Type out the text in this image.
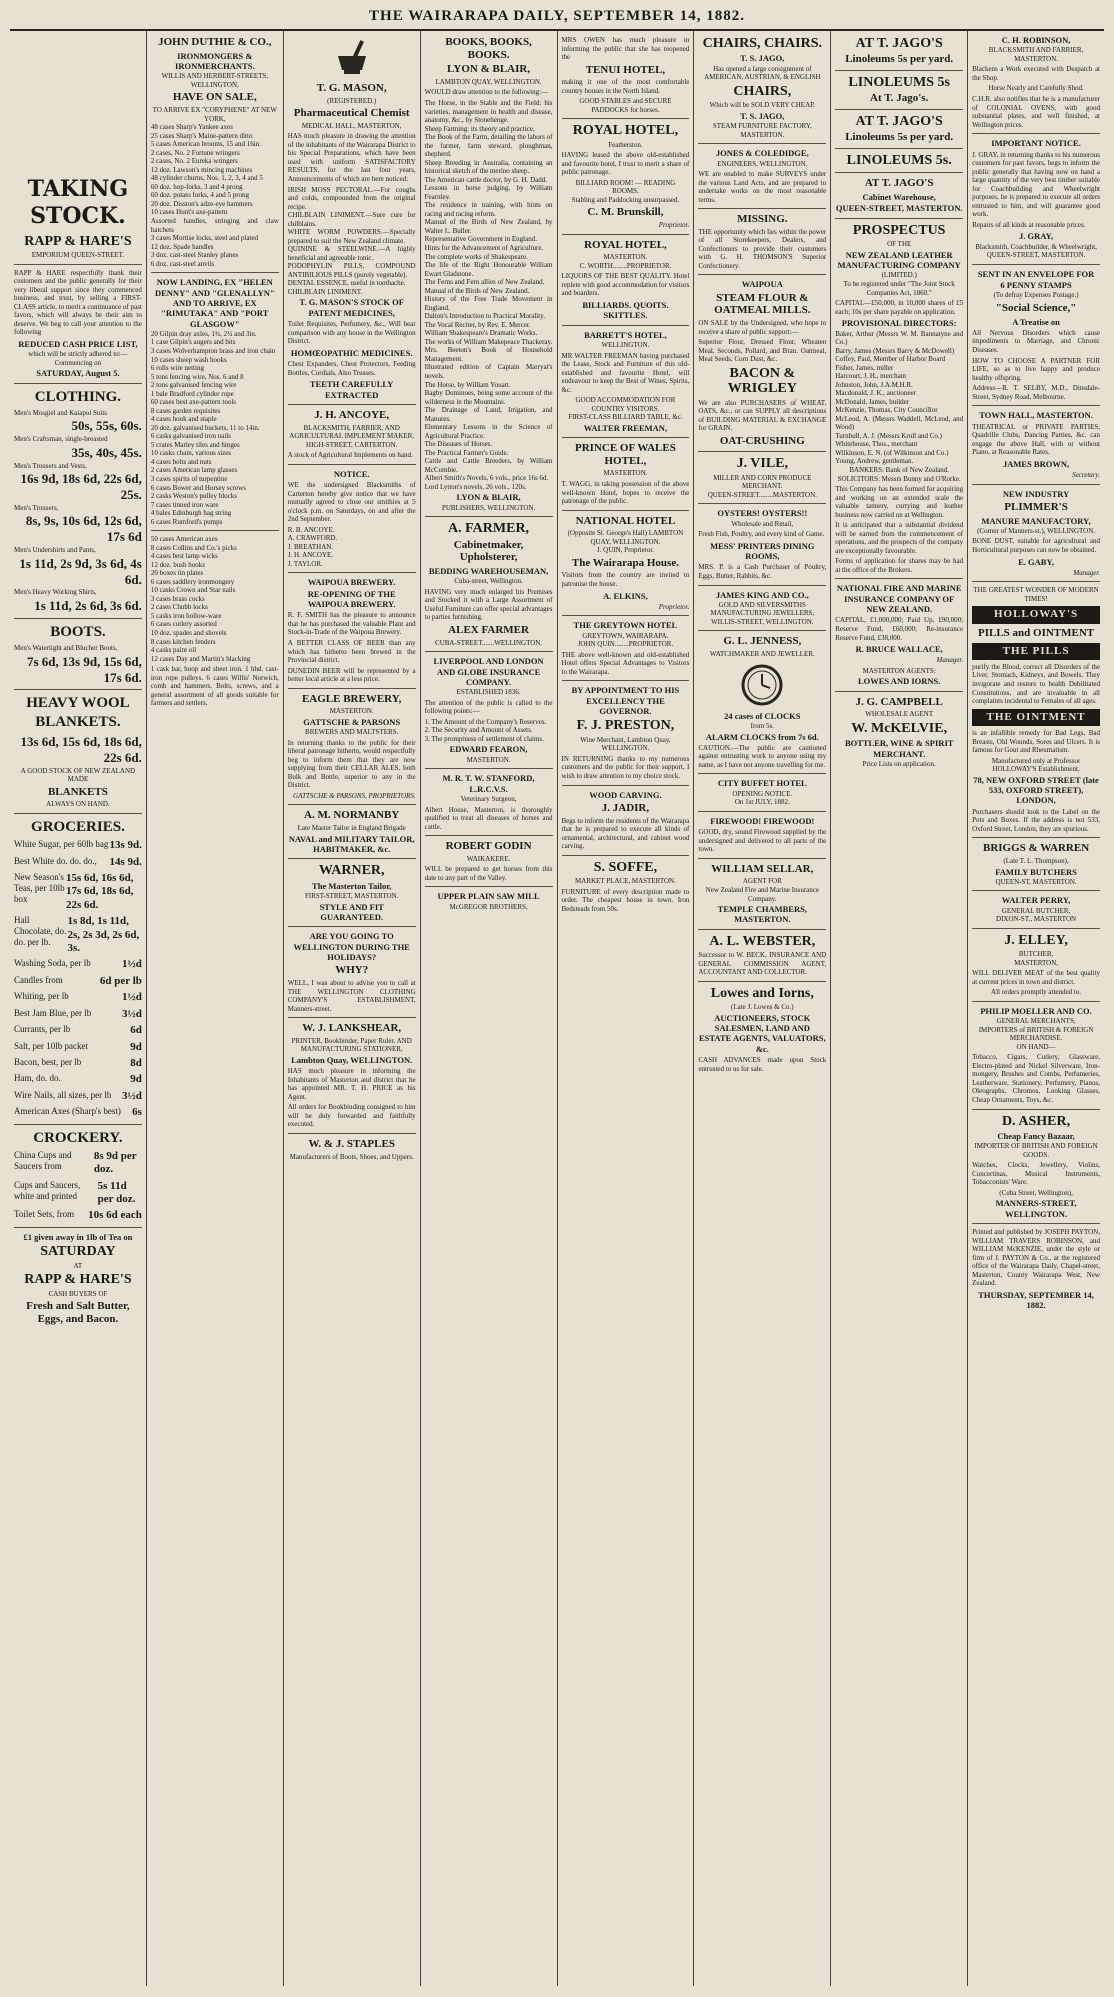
THE WAIRARAPA DAILY, SEPTEMBER 14, 1882.
TAKING STOCK.
RAPP & HARE'S
EMPORIUM QUEEN-STREET.

RAPP & HARE respectfully thank their customers and the public generally for their very liberal support since they commenced business, and trust, by selling a FIRST-CLASS article, to merit a continuance of past favors, which will always be their aim to deserve. We beg to call your attention to the following

REDUCED CASH PRICE LIST,
which will be strictly adhered to:—
Commencing on
SATURDAY, August 5.
CLOTHING.
Men's Mosgiel and Kaiapoi Suits
50s, 55s, 60s.
Men's Craftsman, single-breasted
35s, 40s, 45s.
Men's Trousers and Vests,
16s 9d, 18s 6d, 22s 6d, 25s.
Men's Trousers,
8s, 9s, 10s 6d, 12s 6d, 17s 6d
Men's Undershirts and Pants,
1s 11d, 2s 9d, 3s 6d, 4s 6d.
Men's Heavy Working Shirts,
1s 11d, 2s 6d, 3s 6d.
BOOTS.
Men's Watertight and Blucher Boots,
7s 6d, 13s 9d, 15s 6d, 17s 6d.
HEAVY WOOL BLANKETS.
13s 6d, 15s 6d, 18s 6d, 22s 6d.
A GOOD STOCK OF NEW ZEALAND MADE
BLANKETS
ALWAYS ON HAND.
GROCERIES.
White Sugar, per 60lb bag 13s 9d.
Best White do. do. do., 14s 9d.
New Season's Teas, per 10lb box
15s 6d, 16s 6d, 17s 6d, 18s 6d, 22s 6d.
Hall Chocolate, do. do. per lb.
1s 8d, 1s 11d, 2s, 2s 3d, 2s 6d, 3s.
Washing Soda, per lb	1½d
Candles from	6d per lb
Whiting, per lb	1½d
Best Jam Blue, per lb	3½d
Currants, per lb	6d
Salt, per 10lb packet	9d
Bacon, best, per lb	8d
Ham, do. do.	9d
Wire Nails, all sizes, per lb 3½d
American Axes (Sharp's best) 6s
CROCKERY.
China Cups and Saucers from
8s 9d per doz.
Cups and Saucers, white and printed
5s 11d per doz.
Toilet Sets, from 10s 6d each
£1 given away in 1lb of Tea on
SATURDAY
AT
RAPP & HARE'S
CASH BUYERS OF
Fresh and Salt Butter, Eggs, and Bacon.
JOHN DUTHIE & CO.,
IRONMONGERS & IRONMERCHANTS.
WILLIS AND HERBERT-STREETS, WELLINGTON,
HAVE ON SALE,
TO ARRIVE EX "CORYPHENE" AT NEW YORK,

48 cases Sharp's Yankee axes

25 cases Sharp's Maine-pattern ditto

5 cases American brooms, 15 and 16in.

2 cases, No. 2 Fortune wringers

2 cases, No. 2 Eureka wringers

12 doz. Lawson's mincing machines

48 cylinder churns, Nos. 1, 2, 3, 4 and 5

60 doz. hop-forks, 3 and 4 prong

60 doz. potato forks, 4 and 5 prong

20 doz. Disston's adze-eye hammers

10 cases Hunt's axe-pattern

Assorted handles, stringing and claw hatchets

3 cases Mortise locks, steel and plated

12 doz. Spade handles

3 doz. cast-steel Stanley planes

6 doz. cast-steel anvils

NOW LANDING, EX "HELEN DENNY" AND "GLENALLYN" AND TO ARRIVE, EX "RIMUTAKA" AND "PORT GLASGOW"

20 Gilpin dray axles, 1¾, 2¼ and 3in.

1 case Gilpin's augers and bits

3 cases Wolverhampton brass and iron chain

10 cases sheep wash hooks

6 rolls wire netting

5 tons fencing wire, Nos. 6 and 8

2 tons galvanised fencing wire

1 bale Bradford cylinder rope

60 cases best axe-pattern tools

8 cases garden requisites

4 cases hook and staple

20 doz. galvanised buckets, 11 to 14in.

6 casks galvanised iron nails

5 crates Marley tiles and hinges

10 casks chain, various sizes

4 cases bolts and nuts

2 cases American lamp glasses

3 cases spirits of turpentine

6 cases Bower and Horsey screws

2 casks Weston's pulley blocks

7 cases tinned iron ware

4 bales Edinburgh bag string

6 cases Rumford's pumps

50 cases American axes

8 cases Collins and Co.'s picks

4 cases best lamp wicks

12 doz. bush hooks

20 boxes tin plates

6 cases saddlery ironmongery

10 casks Crown and Star nails

3 cases brass cocks

2 cases Chubb locks

5 casks iron hollow-ware

6 cases cutlery assorted

10 doz. spades and shovels

8 cases kitchen fenders

4 casks paint oil

12 cases Day and Martin's blacking

1 cask bar, hoop and sheet iron. 1 hhd. cast-iron rope pulleys. 6 cases Willis' Norwich, comb and hammers. Bolts, screws, and a general assortment of all goods suitable for farmers and settlers.

T. G. MASON,
(REGISTERED.)
Pharmaceutical Chemist
MEDICAL HALL, MASTERTON,

HAS much pleasure in drawing the attention of the inhabitants of the Wairarapa District to his Special Preparations, which have been used with uniform SATISFACTORY RESULTS, for the last four years, Announcements of which are here noticed:

IRISH MOSS PECTORAL.—For coughs and colds, compounded from the original recipe.

CHILBLAIN LINIMENT.—Sure cure for chilblains.

WHITE WORM POWDERS.—Specially prepared to suit the New Zealand climate.

QUININE & STEELWINE.—A highly beneficial and agreeable tonic.

PODOPHYLIN PILLS, COMPOUND ANTIBILIOUS PILLS (purely vegetable).

DENTAL ESSENCE, useful in toothache.

CHILBLAIN LINIMENT.

T. G. MASON'S STOCK OF PATENT MEDICINES,

Toilet Requisites, Perfumery, &c., Will bear comparison with any house in the Wellington District.

HOMŒOPATHIC MEDICINES.

Chest Expanders, Chest Protectors, Feeding Bottles, Cordials. Also Trusses.

TEETH CAREFULLY EXTRACTED
J. H. ANCOYE,
BLACKSMITH, FARRIER, AND AGRICULTURAL IMPLEMENT MAKER,
HIGH-STREET, CARTERTON.

A stock of Agricultural Implements on hand.

NOTICE.

WE the undersigned Blacksmiths of Carterton hereby give notice that we have mutually agreed to close our smithies at 5 o'clock p.m. on Saturdays, on and after the 2nd September.

R. B. ANCOYE.

A. CRAWFORD.

J. BREATHAN.

J. H. ANCOYE.

J. TAYLOR.

WAIPOUA BREWERY.
RE-OPENING OF THE WAIPOUA BREWERY.

R. F. SMITH has the pleasure to announce that he has purchased the valuable Plant and Stock-in-Trade of the Waipoua Brewery.

A BETTER CLASS OF BEER than any which has hitherto been brewed in the Provincial district.

DUNEDIN BEER will be represented by a better local article at a less price.

EAGLE BREWERY,
MASTERTON.
GATTSCHE & PARSONS
BREWERS AND MALTSTERS.

In returning thanks to the public for their liberal patronage hitherto, would respectfully beg to inform them that they are now supplying from their CELLAR ALES, both Bulk and Bottle, superior to any in the District.

GATTSCHE & PARSONS, PROPRIETORS.
A. M. NORMANBY
Late Master Tailor in England Brigade
NAVAL and MILITARY TAILOR, HABITMAKER, &c.
WARNER,
The Masterton Tailor,
FIRST-STREET, MASTERTON.
STYLE AND FIT GUARANTEED.
ARE YOU GOING TO WELLINGTON DURING THE HOLIDAYS?
WHY?

WELL, I was about to advise you to call at THE WELLINGTON CLOTHING COMPANY'S ESTABLISHMENT, Manners-street.

W. J. LANKSHEAR,
PRINTER, Bookbinder, Paper Ruler, AND MANUFACTURING STATIONER,
Lambton Quay, WELLINGTON.

HAS much pleasure in informing the Inhabitants of Masterton and district that he has appointed MR. T. H. PRICE as his Agent.

All orders for Bookbinding consigned to him will be duly forwarded and faithfully executed.

W. & J. STAPLES
Manufacturers of Boots, Shoes, and Uppers.
BOOKS, BOOKS, BOOKS.
LYON & BLAIR,
LAMBTON QUAY, WELLINGTON.

WOULD draw attention to the following:—

The Horse, in the Stable and the Field: his varieties, management in health and disease, anatomy, &c., by Stonehenge.

Sheep Farming: its theory and practice.

The Book of the Farm, detailing the labors of the farmer, farm steward, ploughman, shepherd.

Sheep Breeding in Australia, containing an historical sketch of the merino sheep.

The American cattle doctor, by G. H. Dadd.

Lessons in horse judging, by William Fearnley.

The residence in training, with hints on racing and racing reform.

Manual of the Birds of New Zealand, by Walter L. Buller.

Representative Government in England.

Hints for the Advancement of Agriculture.

The complete works of Shakespeare.

The life of the Right Honourable William Ewart Gladstone.

The Ferns and Fern allies of New Zealand.

Manual of the Birds of New Zealand.

History of the Free Trade Movement in England.

Dalton's Introduction to Practical Morality.

The Vocal Reciter, by Rev. E. Mercer.

William Shakespeare's Dramatic Works.

The works of William Makepeace Thackeray.

Mrs. Beeton's Book of Household Management.

Illustrated edition of Captain Marryat's novels.

The Horse, by William Youatt.

Bagby Dominoes, being some account of the wilderness in the Mountains.

The Drainage of Land, Irrigation, and Manures.

Elementary Lessons in the Science of Agricultural Practice.

The Diseases of Horses.

The Practical Farmer's Guide.

Cattle and Cattle Breeders, by William McCombie.

Albert Smith's Novels, 6 vols., price 16s 6d.

Lord Lytton's novels, 26 vols., 120s.

LYON & BLAIR,
PUBLISHERS, WELLINGTON.
A. FARMER,
Cabinetmaker, Upholsterer,
BEDDING WAREHOUSEMAN,
Cuba-street, Wellington.

HAVING very much enlarged his Premises and Stocked it with a Large Assortment of Useful Furniture can offer special advantages to parties furnishing.

ALEX FARMER
CUBA-STREET.......WELLINGTON.
LIVERPOOL AND LONDON AND GLOBE INSURANCE COMPANY.
ESTABLISHED 1836.

The attention of the public is called to the following points:—

1. The Amount of the Company's Reserves.

2. The Security and Amount of Assets.

3. The promptness of settlement of claims.

EDWARD FEARON,
MASTERTON.
M. R. T. W. STANFORD, L.R.C.V.S.
Veterinary Surgeon,

Albert House, Masterton, is thoroughly qualified to treat all diseases of horses and cattle.

ROBERT GODIN
WAIKAKERE.

WILL be prepared to get horses from this date to any part of the Valley.

UPPER PLAIN SAW MILL
McGREGOR BROTHERS,

MRS OWEN has much pleasure in informing the public that she has reopened the

TENUI HOTEL,

making it one of the most comfortable country houses in the North Island.

GOOD STABLES and SECURE PADDOCKS for horses.
ROYAL HOTEL,
Featherston.

HAVING leased the above old-established and favourite hotel, I trust to merit a share of public patronage.

BILLIARD ROOM! — READING ROOMS.
Stabling and Paddocking unsurpassed.
C. M. Brunskill,
Proprietor.
ROYAL HOTEL,
MASTERTON.
C. WORTH........PROPRIETOR.

LIQUORS OF THE BEST QUALITY. Hotel replete with good accommodation for visitors and boarders.

BILLIARDS. QUOITS. SKITTLES.
BARRETT'S HOTEL,
WELLINGTON.

MR WALTER FREEMAN having purchased the Lease, Stock and Furniture of this old-established and favourite Hotel, will endeavour to keep the Best of Wines, Spirits, &c.

GOOD ACCOMMODATION FOR COUNTRY VISITORS.
FIRST-CLASS BILLIARD TABLE, &c.
WALTER FREEMAN,
PRINCE OF WALES HOTEL,
MASTERTON.

T. WAGG, in taking possession of the above well-known Hotel, hopes to receive the patronage of the public.

NATIONAL HOTEL
(Opposite St. George's Hall) LAMBTON QUAY, WELLINGTON.
J. QUIN, Proprietor.
The Wairarapa House.

Visitors from the country are invited to patronise the house.

A. ELKINS,
Proprietor.
THE GREYTOWN HOTEL
GREYTOWN, WAIRARAPA.
JOHN QUIN........PROPRIETOR.

THE above well-known and old-established Hotel offers Special Advantages to Visitors to the Wairarapa.

BY APPOINTMENT TO HIS EXCELLENCY THE GOVERNOR.
F. J. PRESTON,
Wine Merchant, Lambton Quay, WELLINGTON.

IN RETURNING thanks to my numerous customers and the public for their support, I wish to draw attention to my choice stock.

WOOD CARVING.
J. JADIR,

Begs to inform the residents of the Wairarapa that he is prepared to execute all kinds of ornamental, architectural, and cabinet wood carving.

S. SOFFE,
MARKET PLACE, MASTERTON.

FURNITURE of every description made to order. The cheapest house in town. Iron Bedsteads from 50s.

CHAIRS, CHAIRS.
T. S. JAGO,
Has opened a large consignment of AMERICAN, AUSTRIAN, & ENGLISH
CHAIRS,
Which will be SOLD VERY CHEAP.
T. S. JAGO,
STEAM FURNITURE FACTORY, MASTERTON.
JONES & COLEDIDGE,
ENGINEERS, WELLINGTON.

WE are enabled to make SURVEYS under the various Land Acts, and are prepared to undertake works on the most reasonable terms.

MISSING.

THE opportunity which lies within the power of all Storekeepers, Dealers, and Confectioners to provide their customers with G. H. THOMSON'S Superior Confectionery.

WAIPOUA
STEAM FLOUR & OATMEAL MILLS.

ON SALE by the Undersigned, who hope to receive a share of public support:—

Superior Flour, Dressed Flour, Wheaten Meal, Seconds, Pollard, and Bran. Oatmeal, Meal Seeds, Corn Dust, &c.

BACON & WRIGLEY

We are also PURCHASERS of WHEAT, OATS, &c., or can SUPPLY all descriptions of BUILDING MATERIAL & EXCHANGE for GRAIN.

OAT-CRUSHING
J. VILE,
MILLER AND CORN PRODUCE MERCHANT.
QUEEN-STREET........MASTERTON.
OYSTERS! OYSTERS!!
Wholesale and Retail,

Fresh Fish, Poultry, and every kind of Game.

MESS' PRINTERS DINING ROOMS,

MRS. P. is a Cash Purchaser of Poultry, Eggs, Butter, Rabbits, &c.

JAMES KING AND CO.,
GOLD AND SILVERSMITHS
MANUFACTURING JEWELLERS,
WILLIS-STREET, WELLINGTON.
G. L. JENNESS,
WATCHMAKER AND JEWELLER.
24 cases of CLOCKS
from 5s.
ALARM CLOCKS from 7s 6d.

CAUTION.—The public are cautioned against entrusting work to anyone using my name, as I have not anyone travelling for me.

CITY BUFFET HOTEL
OPENING NOTICE.
On 1st JULY, 1882.
FIREWOOD! FIREWOOD!

GOOD, dry, sound Firewood supplied by the undersigned and delivered to all parts of the town.

WILLIAM SELLAR,
AGENT FOR
New Zealand Fire and Marine Insurance Company.
TEMPLE CHAMBERS, MASTERTON.
A. L. WEBSTER,

Successor to W. BECK, INSURANCE AND GENERAL COMMISSION AGENT, ACCOUNTANT AND COLLECTOR.

Lowes and Iorns,
(Late J. Lowes & Co.)
AUCTIONEERS, STOCK SALESMEN, LAND AND ESTATE AGENTS, VALUATORS, &c.

CASH ADVANCES made upon Stock entrusted to us for sale.

AT T. JAGO'S
Linoleums 5s per yard.
LINOLEUMS 5s
At T. Jago's.
AT T. JAGO'S
Linoleums 5s per yard.
LINOLEUMS 5s.
AT T. JAGO'S
Cabinet Warehouse,
QUEEN-STREET, MASTERTON.
PROSPECTUS
OF THE
NEW ZEALAND LEATHER MANUFACTURING COMPANY
(LIMITED.)
To be registered under "The Joint Stock Companies Act, 1860."

CAPITAL—£50,000, in 10,000 shares of £5 each; 10s per share payable on application.

PROVISIONAL DIRECTORS:

Baker, Arthur (Messrs W. M. Bannatyne and Co.)

Barry, James (Messrs Barry & McDowell)

Coffey, Paul, Member of Harbor Board

Fisher, James, miller

Harcourt, J. H., merchant

Johnston, John, J.A.M.H.R.

Macdonald, J. K., auctioneer

McDonald, James, builder

McKenzie, Thomas, City Councillor

McLeod, A. (Messrs Waddell, McLeod, and Wood)

Turnbull, A. J. (Messrs Krull and Co.)

Whitehouse, Thos., merchant

Wilkinson, E. N. (of Wilkinson and Co.)

Young, Andrew, gentleman.

BANKERS: Bank of New Zealand.
SOLICITORS: Messrs Bunny and O'Rorke.

This Company has been formed for acquiring and working on an extended scale the valuable tannery, currying and leather business now carried on at Wellington.

It is anticipated that a substantial dividend will be earned from the commencement of operations, and the prospects of the company are exceptionally favourable.

Forms of application for shares may be had at the office of the Brokers.

NATIONAL FIRE AND MARINE INSURANCE COMPANY OF NEW ZEALAND.

CAPITAL, £1,000,000; Paid Up, £90,000; Reserve Fund, £60,000; Re-insurance Reserve Fund, £38,000.

R. BRUCE WALLACE,
Manager.
MASTERTON AGENTS:
LOWES AND IORNS.
J. G. CAMPBELL
WHOLESALE AGENT
W. McKELVIE,
BOTTLER, WINE & SPIRIT MERCHANT.
Price Lists on application.
C. H. ROBINSON,
BLACKSMITH AND FARRIER, MASTERTON.

Blackens a Work executed with Despatch at the Shop.

Horse Nearly and Carefully Shod.

C.H.R. also notifies that he is a manufacturer of COLONIAL OVENS, with good substantial plates, and well finished, at Wellington prices.

IMPORTANT NOTICE.

J. GRAY, in returning thanks to his numerous customers for past favors, begs to inform the public generally that having now on hand a large quantity of the very best timber suitable for Coachbuilding and Wheelwright purposes, he is prepared to execute all orders entrusted to him, and will guarantee good work.

Repairs of all kinds at reasonable prices.

J. GRAY,
Blacksmith, Coachbuilder, & Wheelwright, QUEEN-STREET, MASTERTON.
SENT IN AN ENVELOPE FOR
6 PENNY STAMPS
(To defray Expenses Postage.)
"Social Science,"
A Treatise on

All Nervous Disorders which cause impediments to Marriage, and Chronic Diseases.

HOW TO CHOOSE A PARTNER FOR LIFE, so as to live happy and produce healthy offspring.

Address—R. T. SELBY, M.D., Dinsdale-Street, Sydney Road, Melbourne.

TOWN HALL, MASTERTON.

THEATRICAL or PRIVATE PARTIES, Quadrille Clubs, Dancing Parties, &c. can engage the above Hall, with or without Piano, at Reasonable Rates.

JAMES BROWN,
Secretary.
NEW INDUSTRY
PLIMMER'S
MANURE MANUFACTORY,
(Corner of Manners-st.), WELLINGTON.

BONE DUST, suitable for agricultural and Horticultural purposes can now be obtained.

E. GABY,
Manager.
THE GREATEST WONDER OF MODERN TIMES!
HOLLOWAY'S
PILLS and OINTMENT
THE PILLS

purify the Blood, correct all Disorders of the Liver, Stomach, Kidneys, and Bowels. They invigorate and restore to health Debilitated Constitutions, and are invaluable in all complaints incidental to Females of all ages.

THE OINTMENT

is an infallible remedy for Bad Legs, Bad Breasts, Old Wounds, Sores and Ulcers. It is famous for Gout and Rheumatism.

Manufactured only at Professor HOLLOWAY'S Establishment,
78, NEW OXFORD STREET (late 533, OXFORD STREET), LONDON,

Purchasers should look to the Label on the Pots and Boxes. If the address is not 533, Oxford Street, London, they are spurious.

BRIGGS & WARREN
(Late T. L. Thompson),
FAMILY BUTCHERS
QUEEN-ST, MASTERTON.
WALTER PERRY,
GENERAL BUTCHER,
DIXON-ST., MASTERTON
J. ELLEY,
BUTCHER,
MASTERTON,

WILL DELIVER MEAT of the best quality at current prices in town and district.

All orders promptly attended to.
PHILIP MOELLER AND CO.
GENERAL MERCHANTS,
IMPORTERS of BRITISH & FOREIGN MERCHANDISE.
ON HAND—

Tobacco, Cigars, Cutlery, Glassware, Electro-plated and Nickel Silverware, Iron-mongery, Brushes and Combs, Perfumeries, Leatherware, Stationery, Perfumery, Pianos, Oleographs, Chromos, Looking Glasses, Cheap Ornaments, Toys, &c.

D. ASHER,
Cheap Fancy Bazaar,
IMPORTER OF BRITISH AND FOREIGN GOODS.

Watches, Clocks, Jewellery, Violins, Concertinas, Musical Instruments, Tobacconists' Ware.

(Cuba Street, Wellington),
MANNERS-STREET, WELLINGTON.

Printed and published by JOSEPH PAYTON, WILLIAM TRAVERS ROBINSON, and WILLIAM McKENZIE, under the style or firm of J. PAYTON & Co., at the registered office of the Wairarapa Daily, Chapel-street, Masterton, County Wairarapa West, New Zealand.

THURSDAY, SEPTEMBER 14, 1882.
